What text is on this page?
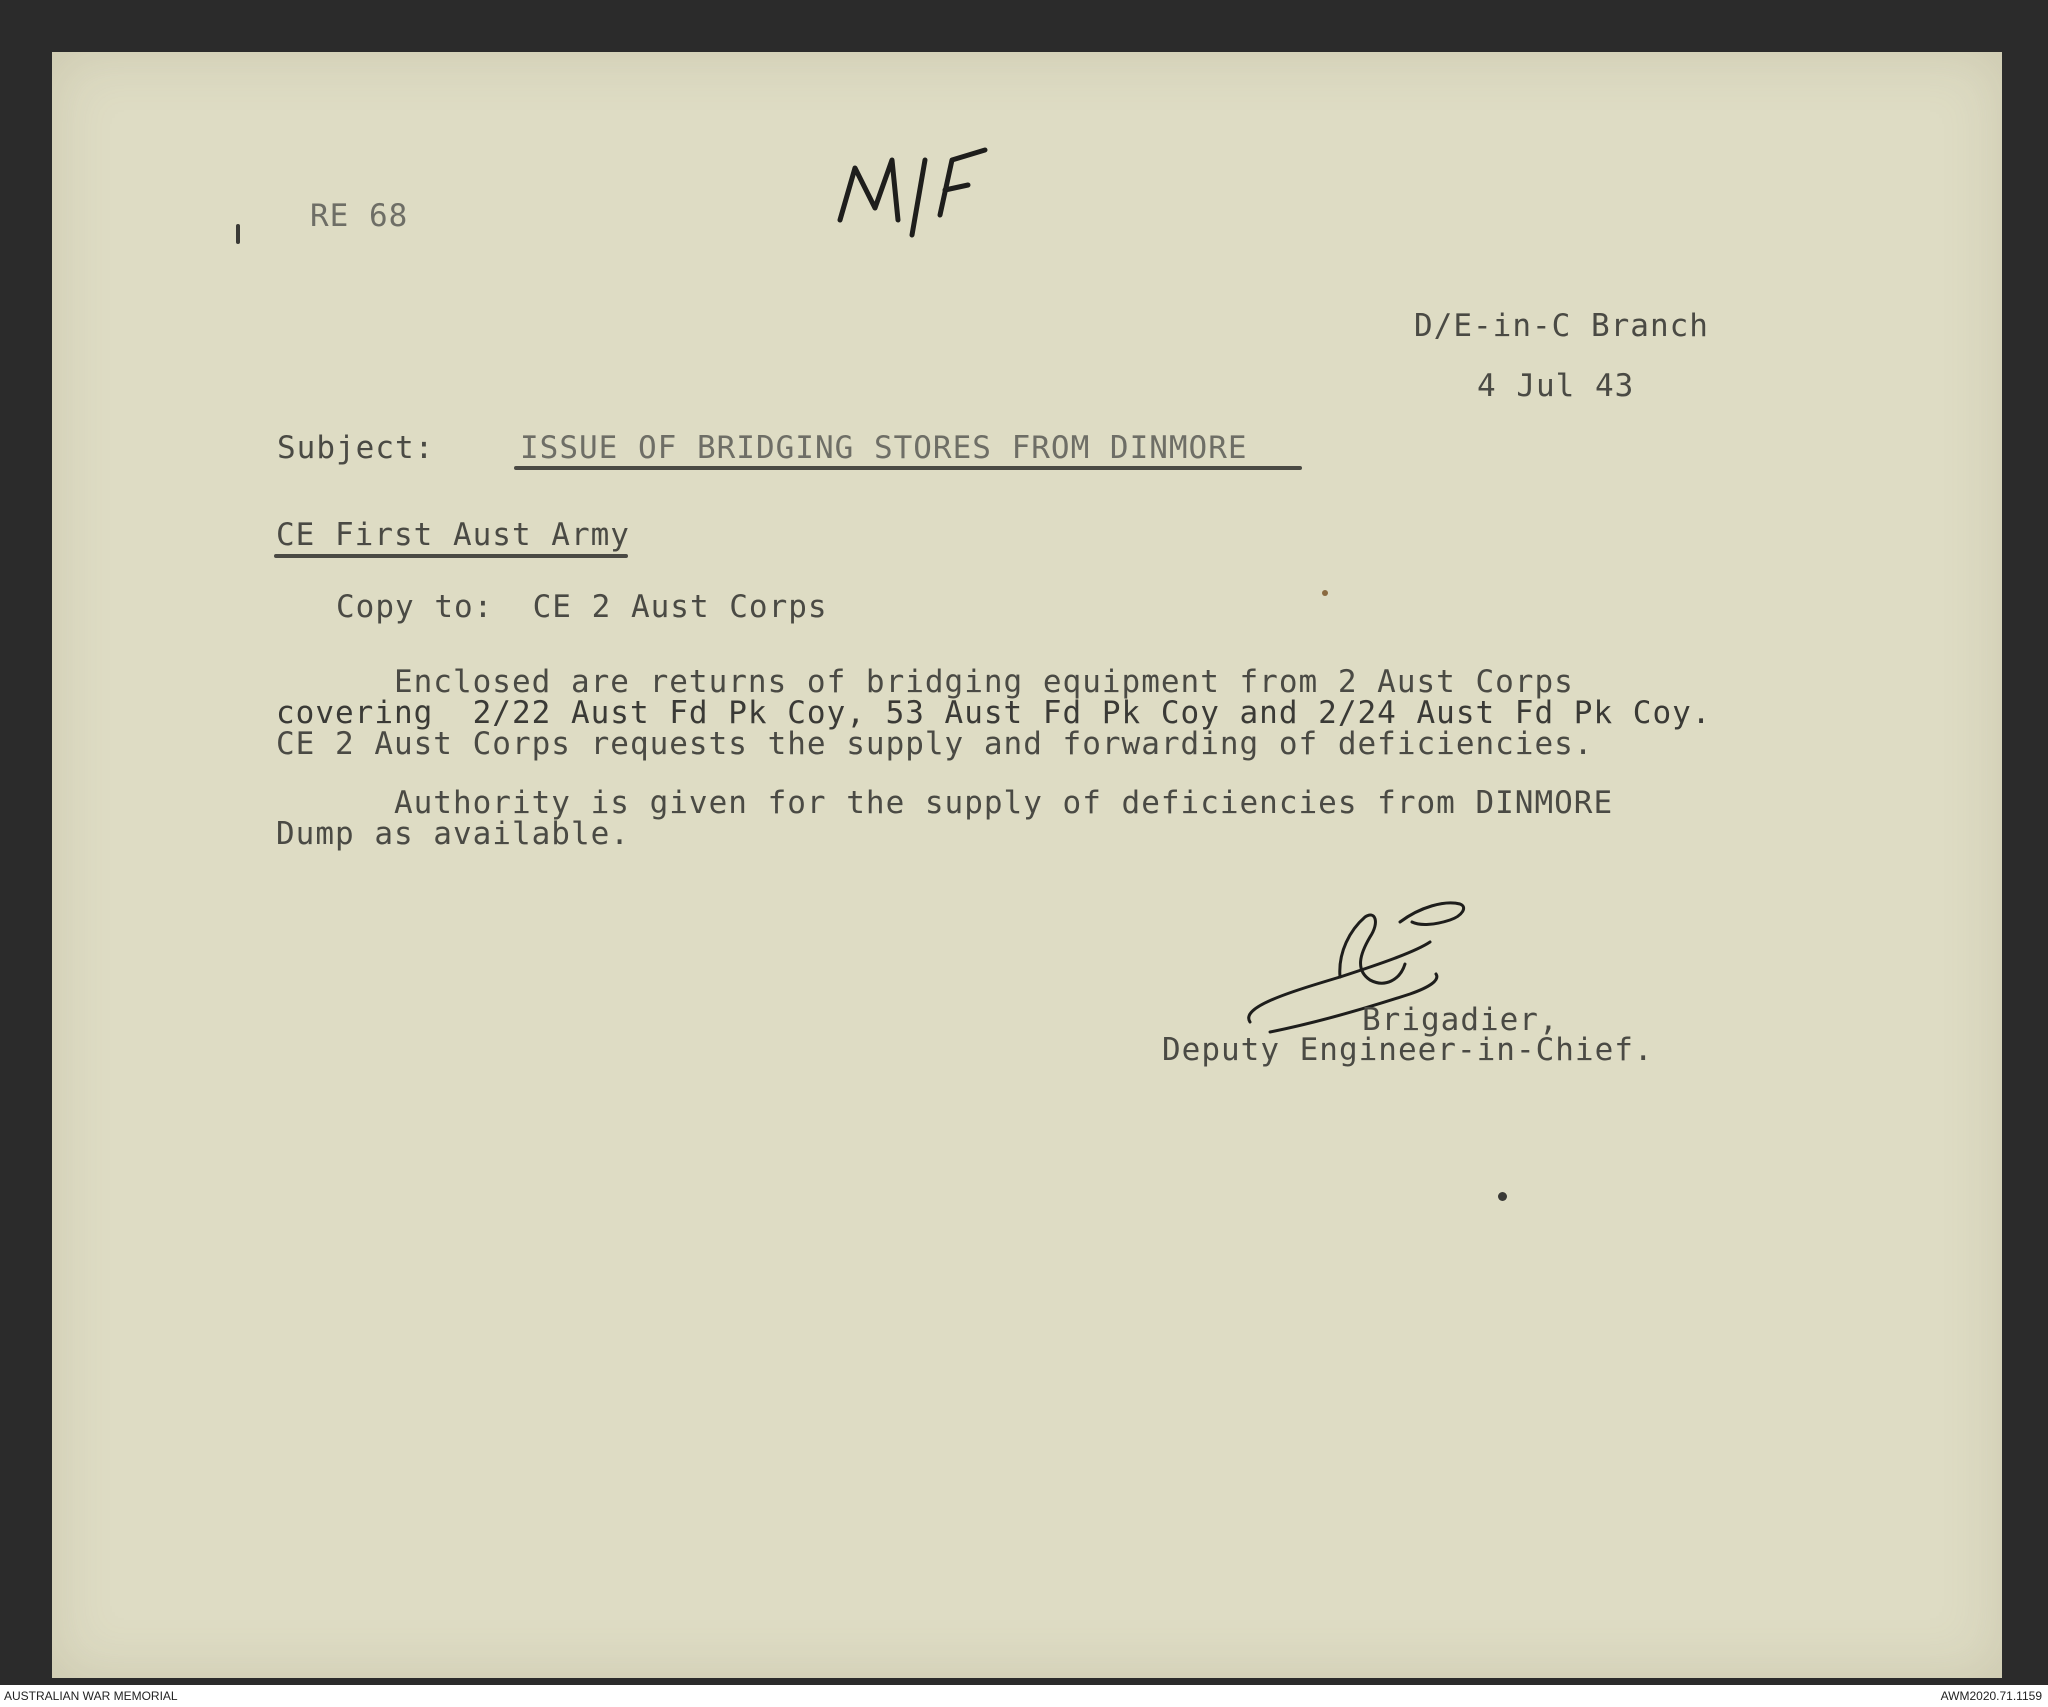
RE 68
D/E-in-C Branch
4 Jul 43
Subject:	ISSUE OF BRIDGING STORES FROM DINMORE
CE First Aust Army
Copy to:  CE 2 Aust Corps
Enclosed are returns of bridging equipment from 2 Aust Corps
covering  2/22 Aust Fd Pk Coy, 53 Aust Fd Pk Coy and 2/24 Aust Fd Pk Coy.
CE 2 Aust Corps requests the supply and forwarding of deficiencies.
Authority is given for the supply of deficiencies from DINMORE
Dump as available.
Brigadier,
Deputy Engineer-in-Chief.
AUSTRALIAN WAR MEMORIAL	AWM2020.71.1159
